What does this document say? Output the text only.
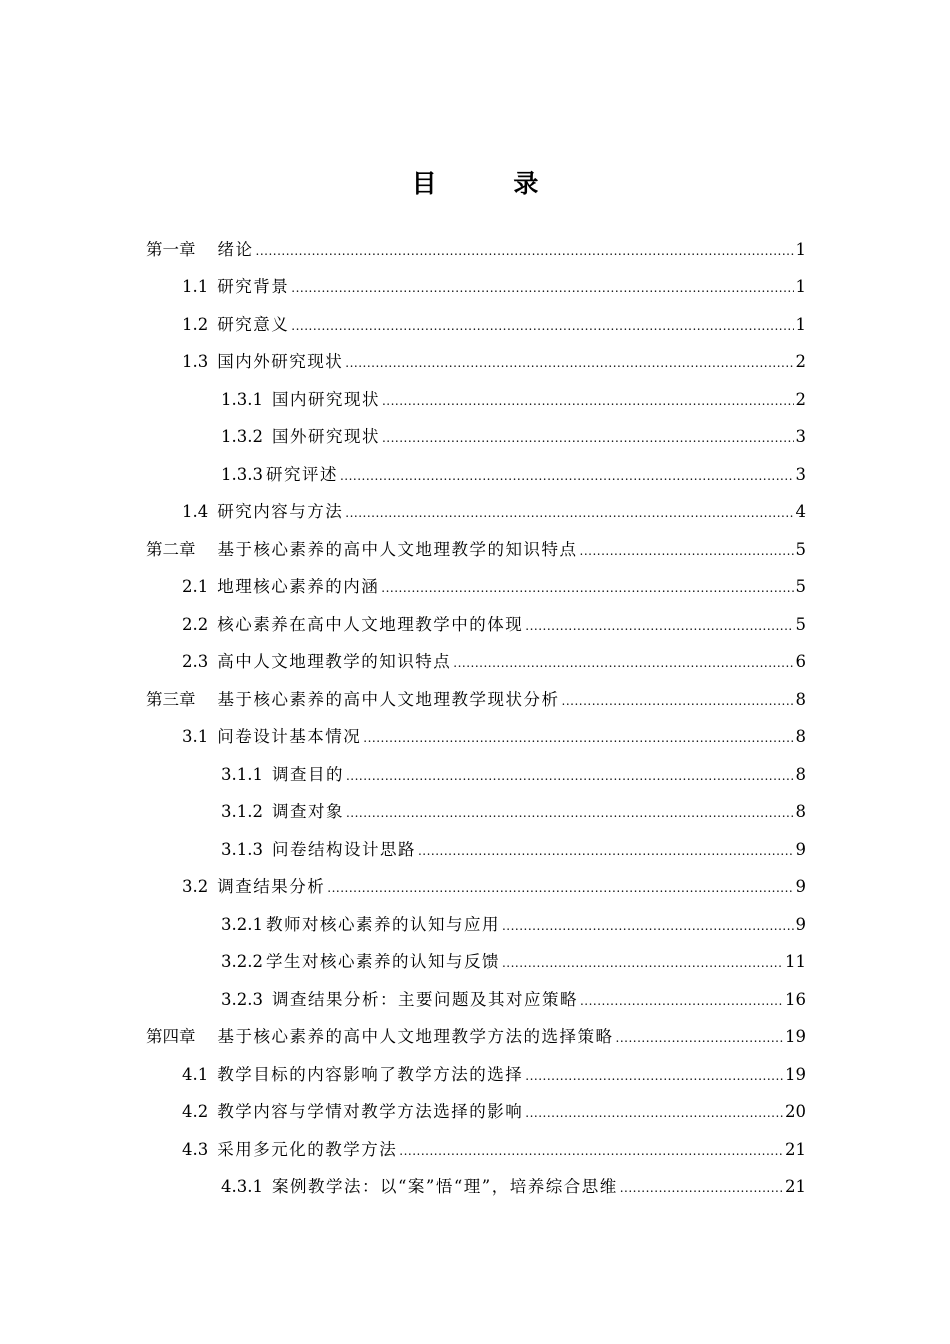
目 录
第一章 绪论 .....	1
1.1 研究背景 .....	1
1.2 研究意义 .....	1
1.3 国内外研究现状 .....	2
1.3.1 国内研究现状 .....	2
1.3.2 国外研究现状 .....	3
1.3.3 研究评述 .....	3
1.4 研究内容与方法 .....	4
第二章 基于核心素养的高中人文地理教学的知识特点 .....	5
2.1 地理核心素养的内涵 .....	5
2.2 核心素养在高中人文地理教学中的体现 .....	5
2.3 高中人文地理教学的知识特点 .....	6
第三章 基于核心素养的高中人文地理教学现状分析 .....	8
3.1 问卷设计基本情况 .....	8
3.1.1 调查目的 .....	8
3.1.2 调查对象 .....	8
3.1.3 问卷结构设计思路 .....	9
3.2 调查结果分析 .....	9
3.2.1 教师对核心素养的认知与应用 .....	9
3.2.2 学生对核心素养的认知与反馈 .....	11
3.2.3 调查结果分析：主要问题及其对应策略 .....	16
第四章 基于核心素养的高中人文地理教学方法的选择策略 .....	19
4.1 教学目标的内容影响了教学方法的选择 .....	19
4.2 教学内容与学情对教学方法选择的影响 .....	20
4.3 采用多元化的教学方法 .....	21
4.3.1 案例教学法：以“案”悟“理”，培养综合思维 .....	21
